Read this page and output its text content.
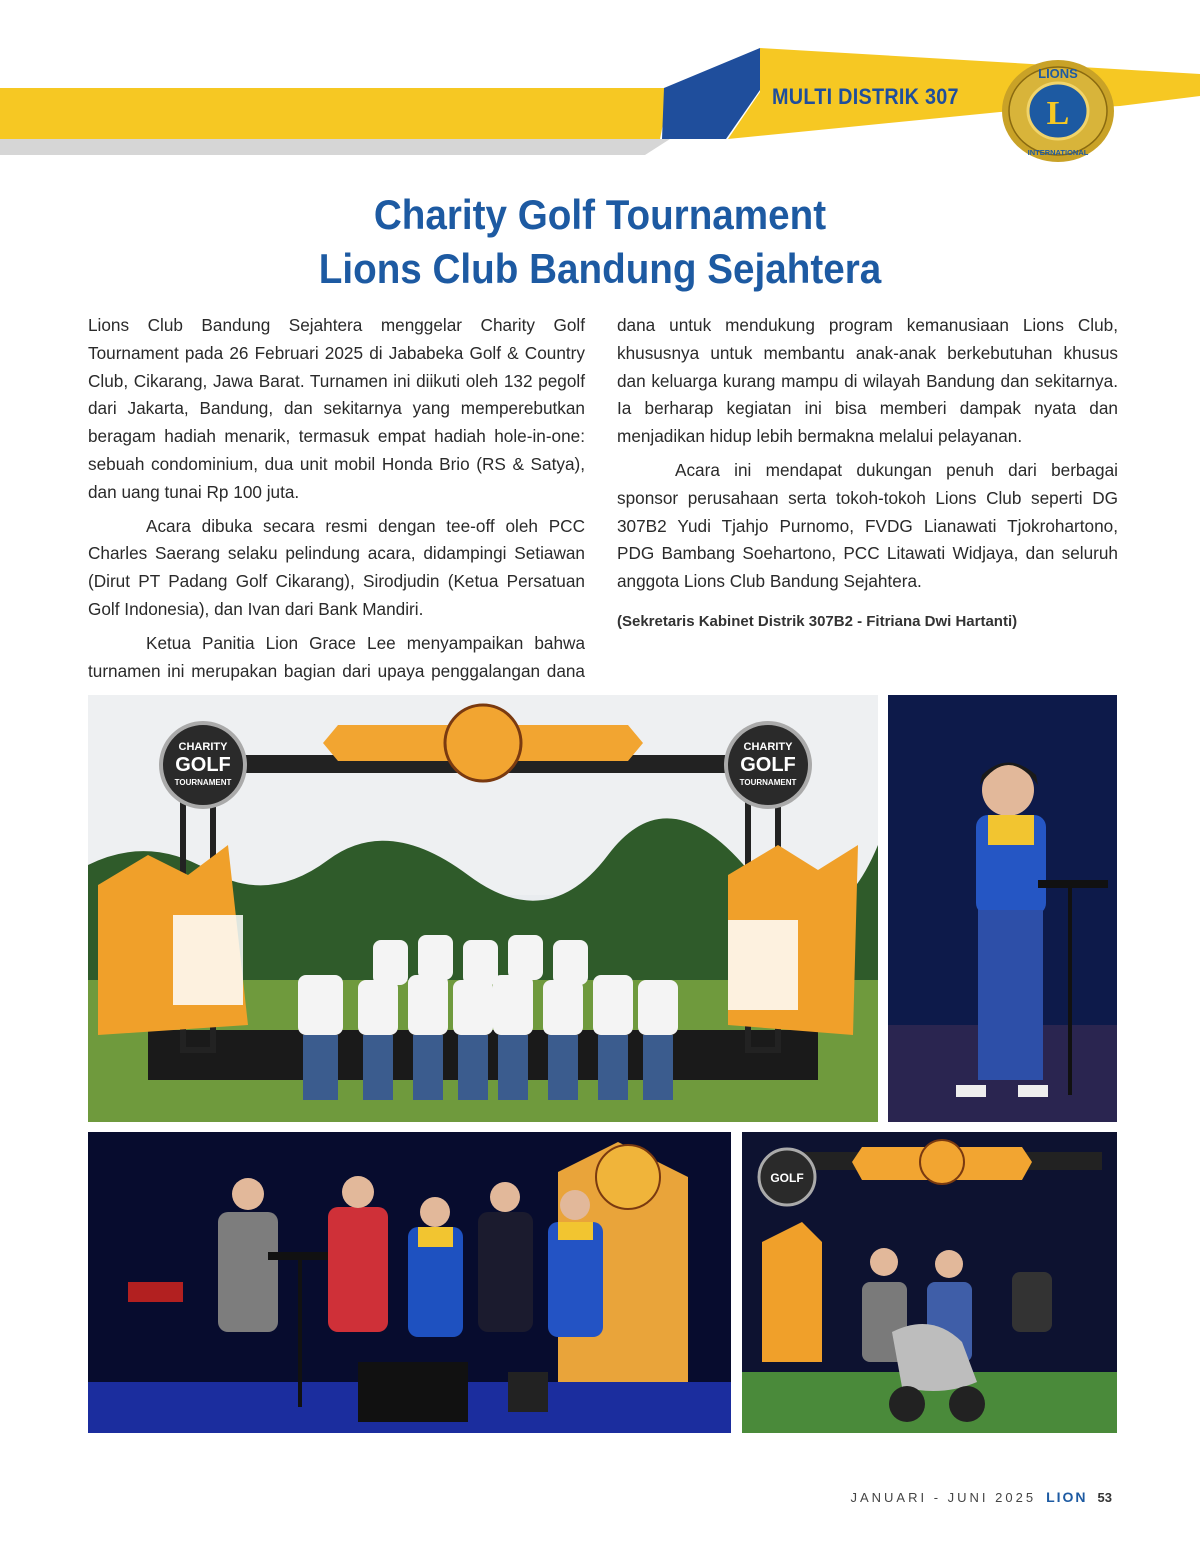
MULTI DISTRIK 307	L
LIONS
INTERNATIONAL
Charity Golf Tournament
Lions Club Bandung Sejahtera

Lions Club Bandung Sejahtera menggelar Charity Golf Tournament pada 26 Februari 2025 di Jababeka Golf & Country Club, Cikarang, Jawa Barat. Turnamen ini diikuti oleh 132 pegolf dari Jakarta, Bandung, dan sekitarnya yang memperebutkan beragam hadiah menarik, termasuk empat hadiah hole-in-one: sebuah condominium, dua unit mobil Honda Brio (RS & Satya), dan uang tunai Rp 100 juta.

Acara dibuka secara resmi dengan tee-off oleh PCC Charles Saerang selaku pelindung acara, didampingi Setiawan (Dirut PT Padang Golf Cikarang), Sirodjudin (Ketua Persatuan Golf Indonesia), dan Ivan dari Bank Mandiri.

Ketua Panitia Lion Grace Lee menyampaikan bahwa turnamen ini merupakan bagian dari upaya penggalangan dana

dana untuk mendukung program kemanusiaan Lions Club, khususnya untuk membantu anak-anak berkebutuhan khusus dan keluarga kurang mampu di wilayah Bandung dan sekitarnya. Ia berharap kegiatan ini bisa memberi dampak nyata dan menjadikan hidup lebih bermakna melalui pelayanan.

Acara ini mendapat dukungan penuh dari berbagai sponsor perusahaan serta tokoh-tokoh Lions Club seperti DG 307B2 Yudi Tjahjo Purnomo, FVDG Lianawati Tjokrohartono, PDG Bambang Soehartono, PCC Litawati Widjaya, dan seluruh anggota Lions Club Bandung Sejahtera.

(Sekretaris Kabinet Distrik 307B2 - Fitriana Dwi Hartanti)

CHARITY
GOLF
TOURNAMENT
CHARITY
GOLF
TOURNAMENT
GOLF
JANUARI - JUNI 2025 LION 53
